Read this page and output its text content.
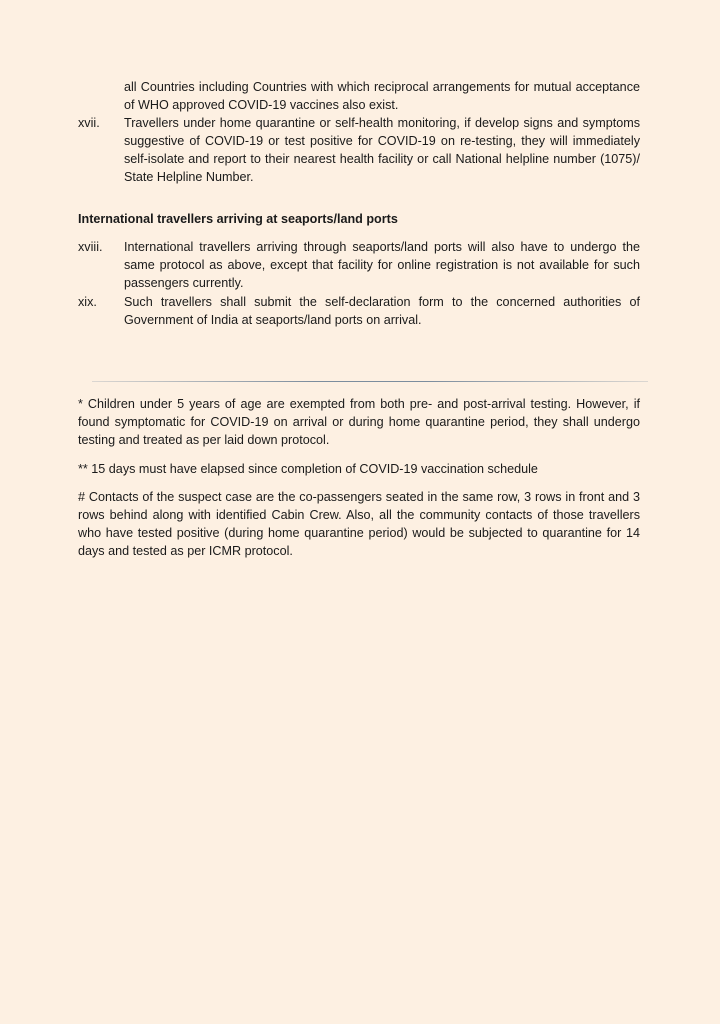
all Countries including Countries with which reciprocal arrangements for mutual acceptance of WHO approved COVID-19 vaccines also exist.
xvii.	Travellers under home quarantine or self-health monitoring, if develop signs and symptoms suggestive of COVID-19 or test positive for COVID-19 on re-testing, they will immediately self-isolate and report to their nearest health facility or call National helpline number (1075)/ State Helpline Number.
International travellers arriving at seaports/land ports
xviii.	International travellers arriving through seaports/land ports will also have to undergo the same protocol as above, except that facility for online registration is not available for such passengers currently.
xix.	Such travellers shall submit the self-declaration form to the concerned authorities of Government of India at seaports/land ports on arrival.
* Children under 5 years of age are exempted from both pre- and post-arrival testing. However, if found symptomatic for COVID-19 on arrival or during home quarantine period, they shall undergo testing and treated as per laid down protocol.
** 15 days must have elapsed since completion of COVID-19 vaccination schedule
# Contacts of the suspect case are the co-passengers seated in the same row, 3 rows in front and 3 rows behind along with identified Cabin Crew. Also, all the community contacts of those travellers who have tested positive (during home quarantine period) would be subjected to quarantine for 14 days and tested as per ICMR protocol.
